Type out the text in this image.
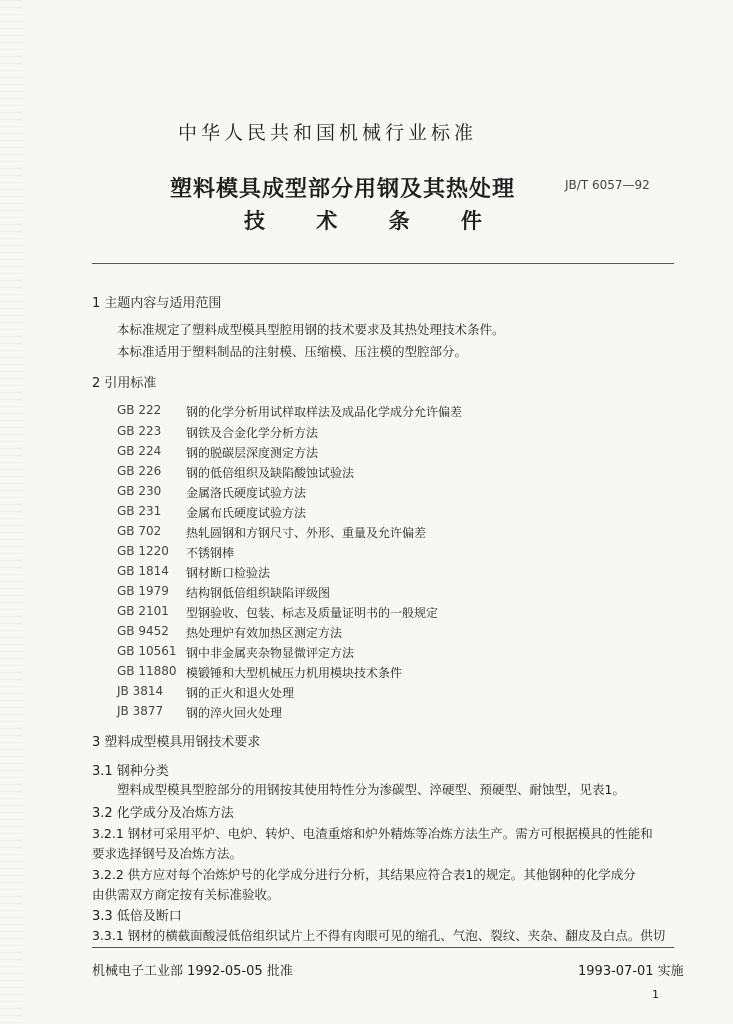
中华人民共和国机械行业标准
塑料模具成型部分用钢及其热处理	JB/T 6057—92
技 术 条 件
1 主题内容与适用范围
本标准规定了塑料成型模具型腔用钢的技术要求及其热处理技术条件。
本标准适用于塑料制品的注射模、压缩模、压注模的型腔部分。
2 引用标准
GB 222 钢的化学分析用试样取样法及成品化学成分允许偏差
GB 223 钢铁及合金化学分析方法
GB 224 钢的脱碳层深度测定方法
GB 226 钢的低倍组织及缺陷酸蚀试验法
GB 230 金属洛氏硬度试验方法
GB 231 金属布氏硬度试验方法
GB 702 热轧圆钢和方钢尺寸、外形、重量及允许偏差
GB 1220 不锈钢棒
GB 1814 钢材断口检验法
GB 1979 结构钢低倍组织缺陷评级图
GB 2101 型钢验收、包装、标志及质量证明书的一般规定
GB 9452 热处理炉有效加热区测定方法
GB 10561 钢中非金属夹杂物显微评定方法
GB 11880 模锻锤和大型机械压力机用模块技术条件
JB 3814 钢的正火和退火处理
JB 3877 钢的淬火回火处理
3 塑料成型模具用钢技术要求
3.1 钢种分类
塑料成型模具型腔部分的用钢按其使用特性分为渗碳型、淬硬型、预硬型、耐蚀型，见表1。
3.2 化学成分及冶炼方法
3.2.1 钢材可采用平炉、电炉、转炉、电渣重熔和炉外精炼等冶炼方法生产。需方可根据模具的性能和
要求选择钢号及冶炼方法。
3.2.2 供方应对每个冶炼炉号的化学成分进行分析，其结果应符合表1的规定。其他钢种的化学成分
由供需双方商定按有关标准验收。
3.3 低倍及断口
3.3.1 钢材的横截面酸浸低倍组织试片上不得有肉眼可见的缩孔、气泡、裂纹、夹杂、翻皮及白点。供切
机械电子工业部 1992-05-05 批准	1993-07-01 实施
1
